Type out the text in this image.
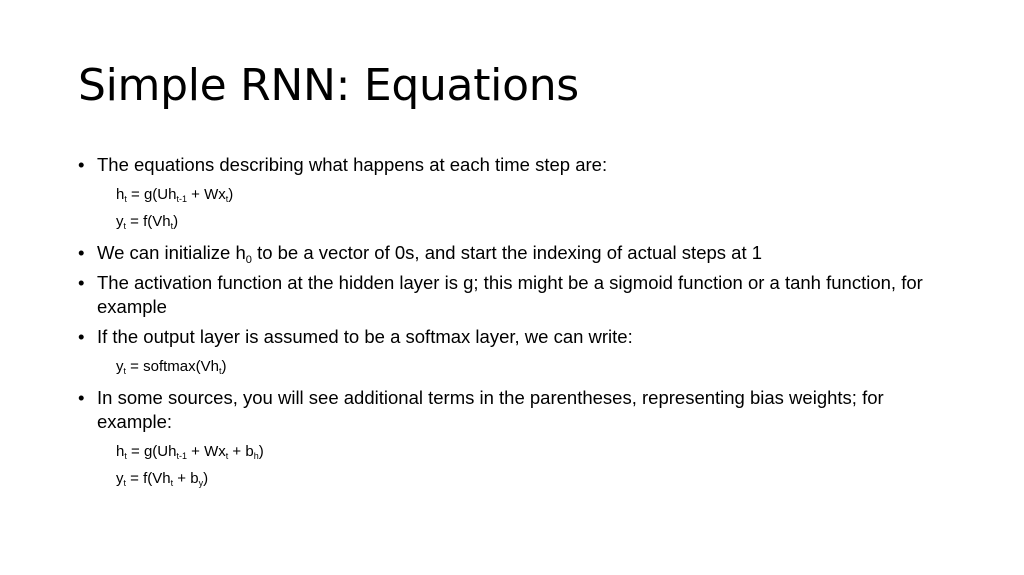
Simple RNN: Equations
• The equations describing what happens at each time step are:
$h_t = g(Uh_{t-1} + Wx_t)$
$y_t = f(Vh_t)$
• We can initialize $h_0$ to be a vector of 0s, and start the indexing of actual steps at 1
• The activation function at the hidden layer is g; this might be a sigmoid function or a tanh function, for example
• If the output layer is assumed to be a softmax layer, we can write:
$y_t$ = $softmax(Vh_t)$
• In some sources, you will see additional terms in the parentheses, representing bias weights; for example:
$h_t = g(Uh_{t-1} + Wx_t + b_h)$
$y_t = f(Vh_t + b_y)$
